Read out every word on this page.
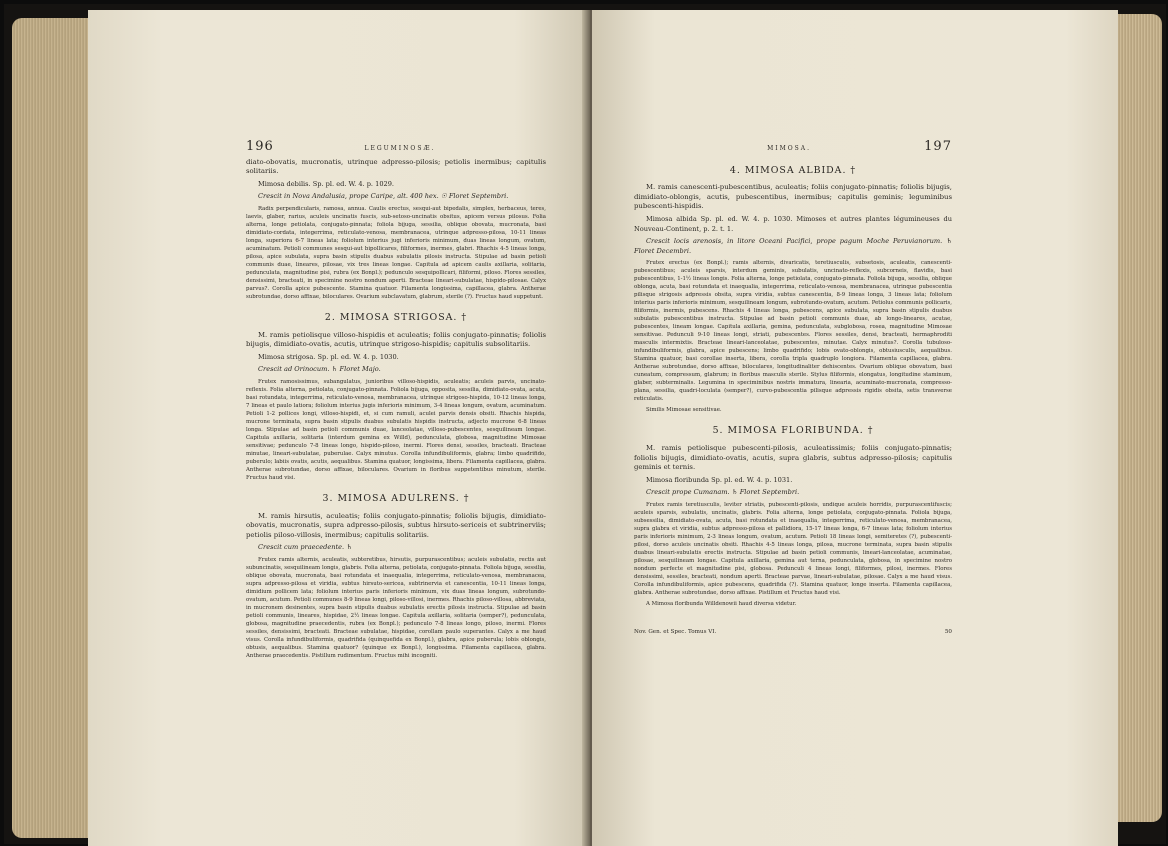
196	LEGUMINOSÆ.

diato-obovatis, mucronatis, utrinque adpresso-pilosis; petiolis inermibus; capitulis solitariis.

Mimosa debilis. Sp. pl. ed. W. 4. p. 1029.

Crescit in Nova Andalusia, prope Caripe, alt. 400 hex. ☉ Floret Septembri.

Radix perpendicularis, ramosa, annua. Caulis erectus, sesqui-aut bipedalis, simplex, herbaceus, teres, laevis, glaber, rarius, aculeis uncinatis fuscis, sub-setoso-uncinatis obsitus, apicem versus pilosus. Folia alterna, longe petiolata, conjugato-pinnata; foliola bijuga, sessilia, oblique obovata, mucronata, basi dimidiato-cordata, integerrima, reticulato-venosa, membranacea, utrinque adpresso-pilosa, 10-11 lineas longa, superiora 6-7 lineas lata; foliolum interius jugi inferioris minimum, duas lineas longum, ovatum, acuminatum. Petioli communes sesqui-aut bipollicares, filiformes, inermes, glabri. Rhachis 4-5 lineas longa, pilosa, apice subulata, supra basin stipulis duabus subulatis pilosis instructa. Stipulae ad basin petioli communis duae, lineares, pilosae, vix tres lineas longae. Capitula ad apicem caulis axillaria, solitaria, pedunculata, magnitudine pisi, rubra (ex Bonpl.); pedunculo sesquipollicari, filiformi, piloso. Flores sessiles, densissimi, bracteati, in specimine nostro nondum aperti. Bracteae lineari-subulatae, hispido-pilosae. Calyx parvus?. Corolla apice pubescente. Stamina quatuor. Filamenta longissima, capillacea, glabra. Antherae subrotundae, dorso affixae, biloculares. Ovarium subclavatum, glabrum, sterile (?). Fructus haud suppetunt.

2. MIMOSA STRIGOSA. †

M. ramis petiolisque villoso-hispidis et aculeatis; foliis conjugato-pinnatis; foliolis bijugis, dimidiato-ovatis, acutis, utrinque strigoso-hispidis; capitulis subsolitariis.

Mimosa strigosa. Sp. pl. ed. W. 4. p. 1030.

Crescit ad Orinocum. ♄ Floret Majo.

Frutex ramosissimus, subangulatus, junioribus villoso-hispidis, aculeatis; aculeis parvis, uncinato-reflexis. Folia alterna, petiolata, conjugato-pinnata. Foliola bijuga, opposita, sessilia, dimidiato-ovata, acuta, basi rotundata, integerrima, reticulato-venosa, membranacea, utrinque strigoso-hispida, 10-12 lineas longa, 7 lineas et paulo latiora; foliolum interius jugis inferioris minimum, 3-4 lineas longum, ovatum, acuminatum. Petioli 1-2 pollices longi, villoso-hispidi, et, si cum ramuli, aculei parvis densis obsiti. Rhachis hispida, mucrone terminata, supra basin stipulis duabus subulatis hispidis instructa, adjecto mucrone 6-8 lineas longa. Stipulae ad basin petioli communis duae, lanceolatae, villoso-pubescentes, sesquilineam longae. Capitula axillaria, solitaria (interdum gemina ex Willd), pedunculata, globosa, magnitudine Mimosae sensitivae; pedunculo 7-8 lineas longo, hispido-piloso, inermi. Flores densi, sessiles, bracteati. Bracteae minutae, lineari-subulatae, puberulae. Calyx minutus. Corolla infundibuliformis, glabra; limbo quadrifido, puberulo; labiis ovatis, acutis, aequalibus. Stamina quatuor, longissima, libera. Filamenta capillacea, glabra. Antherae subrotundae, dorso affixae, biloculares. Ovarium in floribus suppetentibus minutum, sterile. Fructus haud visi.

3. MIMOSA ADULRENS. †

M. ramis hirsutis, aculeatis; foliis conjugato-pinnatis; foliolis bijugis, dimidiato-obovatis, mucronatis, supra adpresso-pilosis, subtus hirsuto-sericeis et subtrinerviis; petiolis piloso-villosis, inermibus; capitulis solitariis.

Crescit cum praecedente. ♄

Frutex ramis alternis, aculeatis, subteretibus, hirsutis, purpurascentibus; aculeis subulatis, rectis aut subuncinatis, sesquilineam longis, glabris. Folia alterna, petiolata, conjugato-pinnata. Foliola bijuga, sessilia, oblique obovata, mucronata, basi rotundata et inaequalia, integerrima, reticulato-venosa, membranacea, supra adpresso-pilosa et viridia, subtus hirsuto-sericea, subtrinervia et canescentia, 10-11 lineas longa, dimidium pollicem lata; foliolum interius paris inferioris minimum, vix duas lineas longum, subrotundo-ovatum, acutum. Petioli communes 8-9 lineas longi, piloso-villosi, inermes. Rhachis piloso-villosa, abbreviata, in mucronem desinentes, supra basin stipulis duabus subulatis erectis pilosis instructa. Stipulae ad basin petioli communis, lineares, hispidae, 2½ lineas longae. Capitula axillaria, solitaria (semper?), pedunculata, globosa, magnitudine praecedentis, rubra (ex Bonpl.); pedunculo 7-8 lineas longo, piloso, inermi. Flores sessiles, densissimi, bracteati. Bracteae subulatae, hispidae, corollam paulo superantes. Calyx a me haud visus. Corolla infundibuliformis, quadrifida (quinquefida ex Bonpl.), glabra, apice puberula; lobis oblongis, obtusis, aequalibus. Stamina quatuor? (quinque ex Bonpl.), longissima. Filamenta capillacea, glabra. Antherae praecedentis. Pistillum rudimentum. Fructus mihi incogniti.

MIMOSA.	197
4. MIMOSA ALBIDA. †

M. ramis canescenti-pubescentibus, aculeatis; foliis conjugato-pinnatis; foliolis bijugis, dimidiato-oblongis, acutis, pubescentibus, inermibus; capitulis geminis; leguminibus pubescenti-hispidis.

Mimosa albida Sp. pl. ed. W. 4. p. 1030. Mimoses et autres plantes légumineuses du Nouveau-Continent, p. 2. t. 1.

Crescit locis arenosis, in litore Oceani Pacifici, prope pagum Moche Peruvianorum. ♄ Floret Decembri.

Frutex erectus (ex Bonpl.); ramis alternis, divaricatis, teretiusculis, subsetosis, aculeatis, canescenti-pubescentibus; aculeis sparsis, interdum geminis, subulatis, uncinato-reflexis, subcorneis, flavidis, basi pubescentibus, 1-1½ lineas longis. Folia alterna, longe petiolata, conjugato-pinnata. Foliola bijuga, sessilia, oblique oblonga, acuta, basi rotundata et inaequalia, integerrima, reticulato-venosa, membranacea, utrinque pubescentia pilisque strigosis adpressis obsita, supra viridia, subtus canescentia, 8-9 lineas longa, 3 lineas lata; foliolum interius paris inferioris minimum, sesquilineam longum, subrotundo-ovatum, acutum. Petiolus communis pollicaris, filiformis, inermis, pubescens. Rhachis 4 lineas longa, pubescens, apice subulata, supra basin stipulis duabus subulatis pubescentibus instructa. Stipulae ad basin petioli communis duae, ab longo-lineares, acutae, pubescentes, lineam longae. Capitula axillaria, gemina, pedunculata, subglobosa, rosea, magnitudine Mimosae sensitivae. Pedunculi 9-10 lineas longi, striati, pubescentes. Flores sessiles, densi, bracteati, hermaphroditi masculis intermixtis. Bracteae lineari-lanceolatae, pubescentes, minutae. Calyx minutus?. Corolla tubuloso-infundibuliformis, glabra, apice pubescens; limbo quadrifido; lobis ovato-oblongis, obtusiusculis, aequalibus. Stamina quatuor, basi corollae inserta, libera, corolla tripla quadruplo longiora. Filamenta capillacea, glabra. Antherae subrotundae, dorso affixae, biloculares, longitudinaliter dehiscentes. Ovarium oblique obovatum, basi cuneatum, compressum, glabrum; in floribus masculis sterile. Stylus filiformis, elongatus, longitudine staminum, glaber, subterminalis. Legumina in speciminibus nostris immatura, linearia, acuminato-mucronata, compresso-plana, sessilia, quadri-loculata (semper?), curvo-pubescentia pilisque adpressis rigidis obsita, setis transverse reticulatis.

Similis Mimosae sensitivae.

5. MIMOSA FLORIBUNDA. †

M. ramis petiolisque pubescenti-pilosis, aculeatissimis; foliis conjugato-pinnatis; foliolis bijugis, dimidiato-ovatis, acutis, supra glabris, subtus adpresso-pilosis; capitulis geminis et ternis.

Mimosa floribunda Sp. pl. ed. W. 4. p. 1031.

Crescit prope Cumanam. ♄ Floret Septembri.

Frutex ramis teretiusculis, leviter striatis, pubescenti-pilosis, undique aculeis horridis, purpurascentifuscis; aculeis sparsis, subulatis, uncinatis, glabris. Folia alterna, longe petiolata, conjugato-pinnata. Foliola bijuga, subsessilia, dimidiato-ovata, acuta, basi rotundata et inaequalia, integerrima, reticulato-venosa, membranacea, supra glabra et viridia, subtus adpresso-pilosa et pallidiora, 15-17 lineas longa, 6-7 lineas lata; foliolum interius paris inferioris minimum, 2-3 lineas longum, ovatum, acutum. Petioli 18 lineas longi, semiteretes (?), pubescenti-pilosi, dorso aculeis uncinatis obsiti. Rhachis 4-5 lineas longa, pilosa, mucrone terminata, supra basin stipulis duabus lineari-subulatis erectis instructa. Stipulae ad basin petioli communis, lineari-lanceolatae, acuminatae, pilosae, sesquilineam longae. Capitula axillaria, gemina aut terna, pedunculata, globosa, in specimine nostro nondum perfecte et magnitudine pisi, globosa. Pedunculi 4 lineas longi, filiformes, pilosi, inermes. Flores densissimi, sessiles, bracteati, nondum aperti. Bracteae parvae, lineari-subulatae, pilosae. Calyx a me haud visus. Corolla infundibuliformis, apice pubescens, quadrifida (?). Stamina quatuor, longe inserta. Filamenta capillacea, glabra. Antherae subrotundae, dorso affixae. Pistillum et Fructus haud visi.

A Mimosa floribunda Willdenowii haud diversa videtur.

Nov. Gen. et Spec. Tomus VI.	50
